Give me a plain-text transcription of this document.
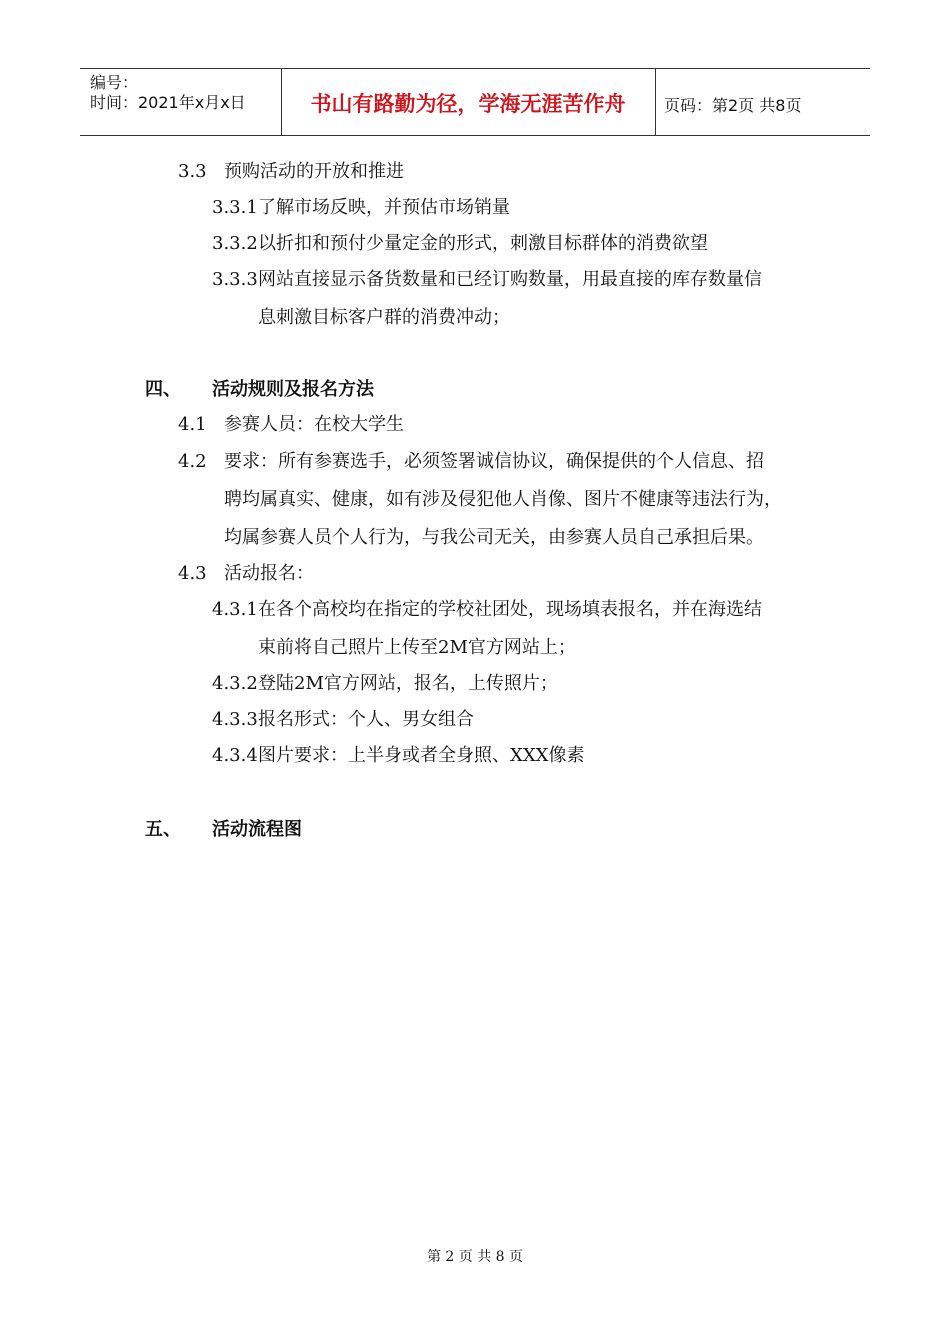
编号：
时间：2021年x月x日	书山有路勤为径，学海无涯苦作舟	页码：第2页 共8页
3.3 预购活动的开放和推进
3.3.1 了解市场反映，并预估市场销量
3.3.2 以折扣和预付少量定金的形式，刺激目标群体的消费欲望
3.3.3 网站直接显示备货数量和已经订购数量，用最直接的库存数量信
息刺激目标客户群的消费冲动；
四、 活动规则及报名方法
4.1 参赛人员：在校大学生
4.2 要求：所有参赛选手，必须签署诚信协议，确保提供的个人信息、招
聘均属真实、健康，如有涉及侵犯他人肖像、图片不健康等违法行为，
均属参赛人员个人行为，与我公司无关，由参赛人员自己承担后果。
4.3 活动报名：
4.3.1 在各个高校均在指定的学校社团处，现场填表报名，并在海选结
束前将自己照片上传至2M官方网站上；
4.3.2 登陆2M官方网站，报名，上传照片；
4.3.3 报名形式：个人、男女组合
4.3.4 图片要求：上半身或者全身照、XXX像素
五、 活动流程图
第 2 页 共 8 页
